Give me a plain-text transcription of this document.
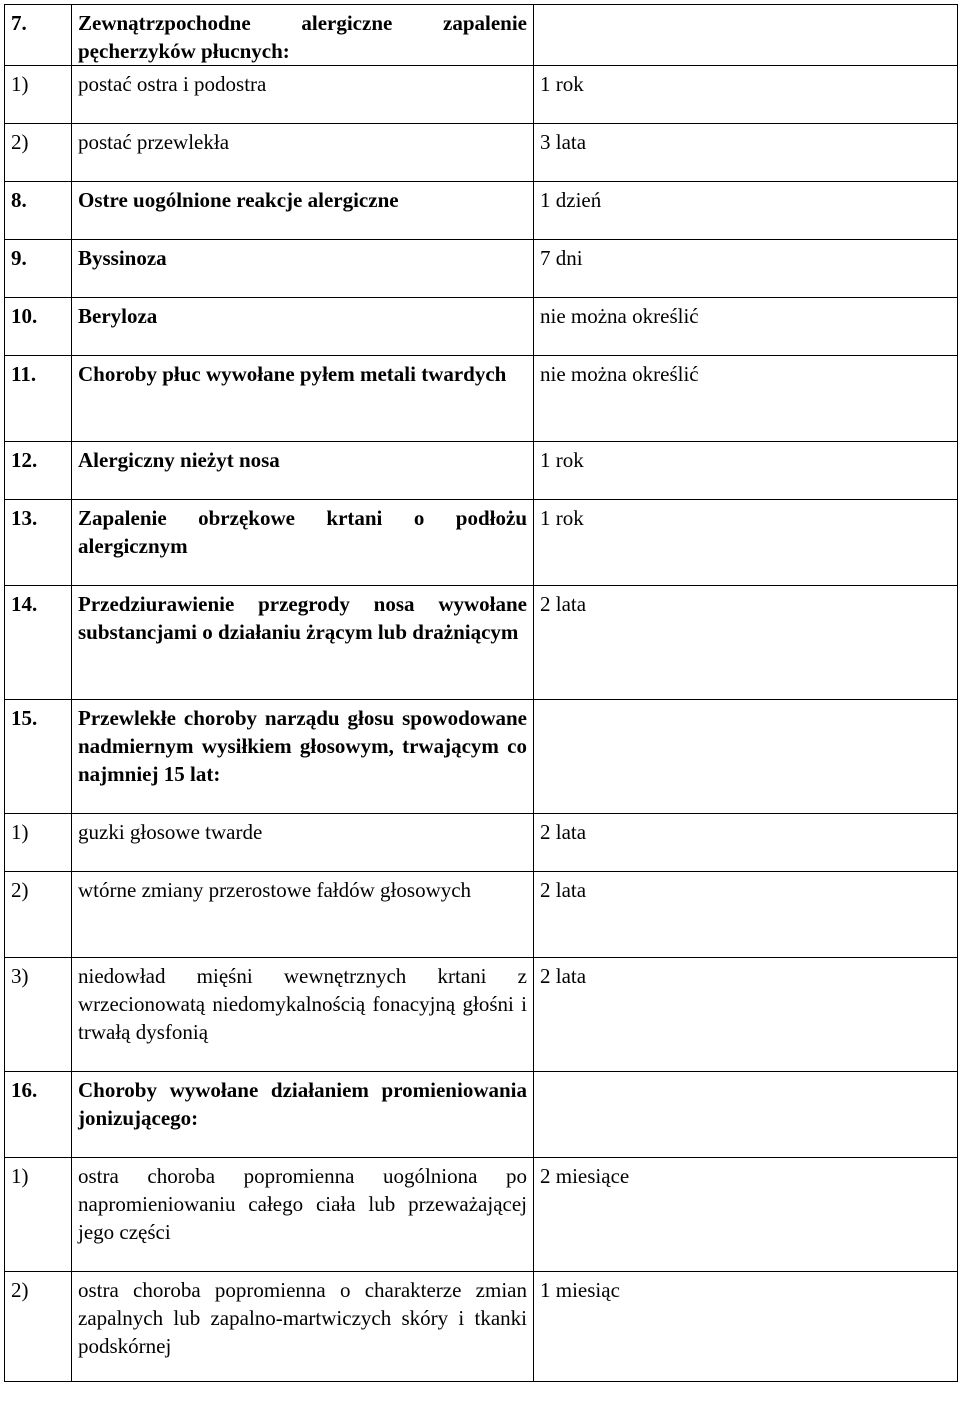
7.	Zewnątrzpochodne alergiczne zapalenie pęcherzyków płucnych:	
1)	postać ostra i podostra	1 rok
2)	postać przewlekła	3 lata
8.	Ostre uogólnione reakcje alergiczne	1 dzień
9.	Byssinoza	7 dni
10.	Beryloza	nie można określić
11.	Choroby płuc wywołane pyłem metali twardych	nie można określić
12.	Alergiczny nieżyt nosa	1 rok
13.	Zapalenie obrzękowe krtani o podłożu alergicznym	1 rok
14.	Przedziurawienie przegrody nosa wywołane substancjami o działaniu żrącym lub drażniącym	2 lata
15.	Przewlekłe choroby narządu głosu spowodowane nadmiernym wysiłkiem głosowym, trwającym co najmniej 15 lat:	
1)	guzki głosowe twarde	2 lata
2)	wtórne zmiany przerostowe fałdów głosowych	2 lata
3)	niedowład mięśni wewnętrznych krtani z wrzecionowatą niedomykalnością fonacyjną głośni i trwałą dysfonią	2 lata
16.	Choroby wywołane działaniem promieniowania jonizującego:	
1)	ostra choroba popromienna uogólniona po napromieniowaniu całego ciała lub przeważającej jego części	2 miesiące
2)	ostra choroba popromienna o charakterze zmian zapalnych lub zapalno-martwiczych skóry i tkanki podskórnej	1 miesiąc
